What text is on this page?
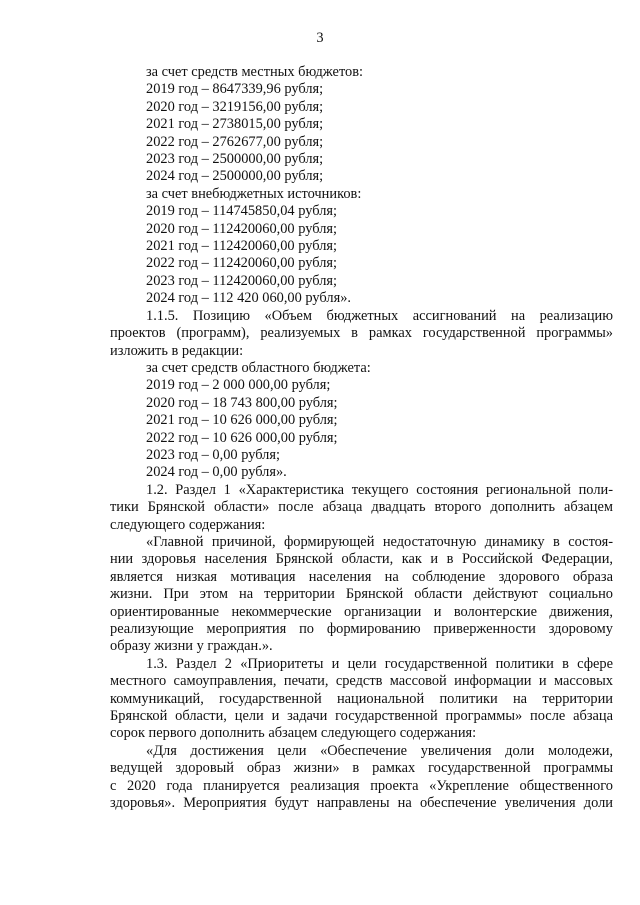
3
за счет средств местных бюджетов:
2019 год – 8647339,96 рубля;
2020 год – 3219156,00 рубля;
2021 год – 2738015,00 рубля;
2022 год – 2762677,00 рубля;
2023 год – 2500000,00 рубля;
2024 год – 2500000,00 рубля;
за счет внебюджетных источников:
2019 год – 114745850,04 рубля;
2020 год – 112420060,00 рубля;
2021 год – 112420060,00 рубля;
2022 год – 112420060,00 рубля;
2023 год – 112420060,00 рубля;
2024 год – 112 420 060,00 рубля».
1.1.5. Позицию «Объем бюджетных ассигнований на реализацию
проектов (программ), реализуемых в рамках государственной программы»
изложить в редакции:
за счет средств областного бюджета:
2019 год – 2 000 000,00 рубля;
2020 год – 18 743 800,00 рубля;
2021 год – 10 626 000,00 рубля;
2022 год – 10 626 000,00 рубля;
2023 год – 0,00 рубля;
2024 год – 0,00 рубля».
1.2. Раздел 1 «Характеристика текущего состояния региональной поли-
тики Брянской области» после абзаца двадцать второго дополнить абзацем
следующего содержания:
«Главной причиной, формирующей недостаточную динамику в состоя-
нии здоровья населения Брянской области, как и в Российской Федерации,
является низкая мотивация населения на соблюдение здорового образа
жизни. При этом на территории Брянской области действуют социально
ориентированные некоммерческие организации и волонтерские движения,
реализующие мероприятия по формированию приверженности здоровому
образу жизни у граждан.».
1.3. Раздел 2 «Приоритеты и цели государственной политики в сфере
местного самоуправления, печати, средств массовой информации и массовых
коммуникаций, государственной национальной политики на территории
Брянской области, цели и задачи государственной программы» после абзаца
сорок первого дополнить абзацем следующего содержания:
«Для достижения цели «Обеспечение увеличения доли молодежи,
ведущей здоровый образ жизни» в рамках государственной программы
с 2020 года планируется реализация проекта «Укрепление общественного
здоровья». Мероприятия будут направлены на обеспечение увеличения доли
